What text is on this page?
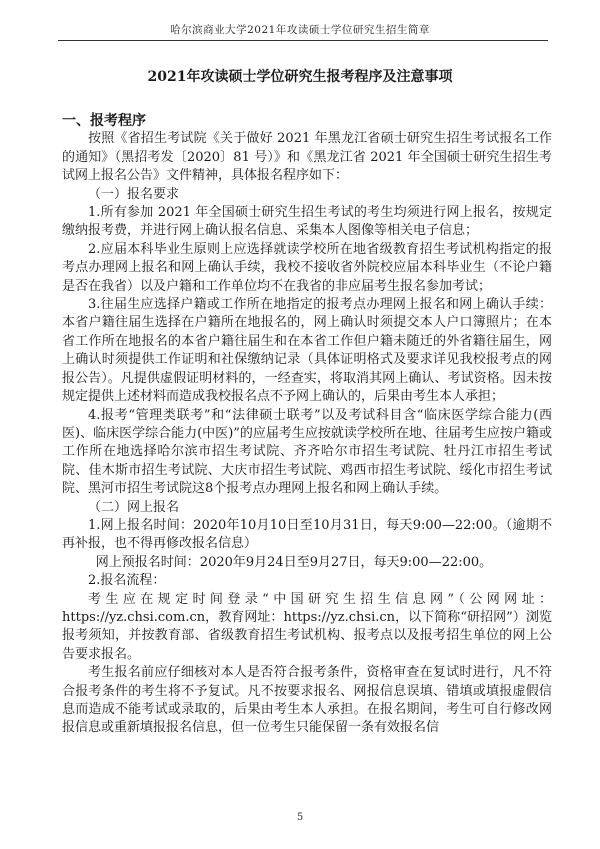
哈尔滨商业大学2021年攻读硕士学位研究生招生简章
2021年攻读硕士学位研究生报考程序及注意事项

一、报考程序

按照《省招生考试院《关于做好 2021 年黑龙江省硕士研究生招生考试报名工作的通知》（黑招考发〔2020〕81 号）》和《黑龙江省 2021 年全国硕士研究生招生考试网上报名公告》文件精神，具体报名程序如下：

（一）报名要求

1.所有参加 2021 年全国硕士研究生招生考试的考生均须进行网上报名，按规定缴纳报考费，并进行网上确认报名信息、采集本人图像等相关电子信息；

2.应届本科毕业生原则上应选择就读学校所在地省级教育招生考试机构指定的报考点办理网上报名和网上确认手续，我校不接收省外院校应届本科毕业生（不论户籍是否在我省）以及户籍和工作单位均不在我省的非应届考生报名参加考试；

3.往届生应选择户籍或工作所在地指定的报考点办理网上报名和网上确认手续：本省户籍往届生选择在户籍所在地报名的，网上确认时须提交本人户口簿照片；在本省工作所在地报名的本省户籍往届生和在本省工作但户籍未随迁的外省籍往届生，网上确认时须提供工作证明和社保缴纳记录（具体证明格式及要求详见我校报考点的网报公告）。凡提供虚假证明材料的，一经查实，将取消其网上确认、考试资格。因未按规定提供上述材料而造成我校报名点不予网上确认的，后果由考生本人承担；

4.报考“管理类联考”和“法律硕士联考”以及考试科目含“临床医学综合能力(西医)、临床医学综合能力(中医)”的应届考生应按就读学校所在地、往届考生应按户籍或工作所在地选择哈尔滨市招生考试院、齐齐哈尔市招生考试院、牡丹江市招生考试院、佳木斯市招生考试院、大庆市招生考试院、鸡西市招生考试院、绥化市招生考试院、黑河市招生考试院这8个报考点办理网上报名和网上确认手续。

（二）网上报名

1.网上报名时间：2020年10月10日至10月31日，每天9:00—22:00。（逾期不再补报，也不得再修改报名信息）

网上预报名时间：2020年9月24日至9月27日，每天9:00—22:00。

2.报名流程：

考生应在规定时间登录“中国研究生招生信息网”（公网网址：https://yz.chsi.com.cn，教育网址：https://yz.chsi.cn，以下简称“研招网”）浏览报考须知，并按教育部、省级教育招生考试机构、报考点以及报考招生单位的网上公告要求报名。

考生报名前应仔细核对本人是否符合报考条件，资格审查在复试时进行，凡不符合报考条件的考生将不予复试。凡不按要求报名、网报信息误填、错填或填报虚假信息而造成不能考试或录取的，后果由考生本人承担。在报名期间，考生可自行修改网报信息或重新填报报名信息，但一位考生只能保留一条有效报名信

5
